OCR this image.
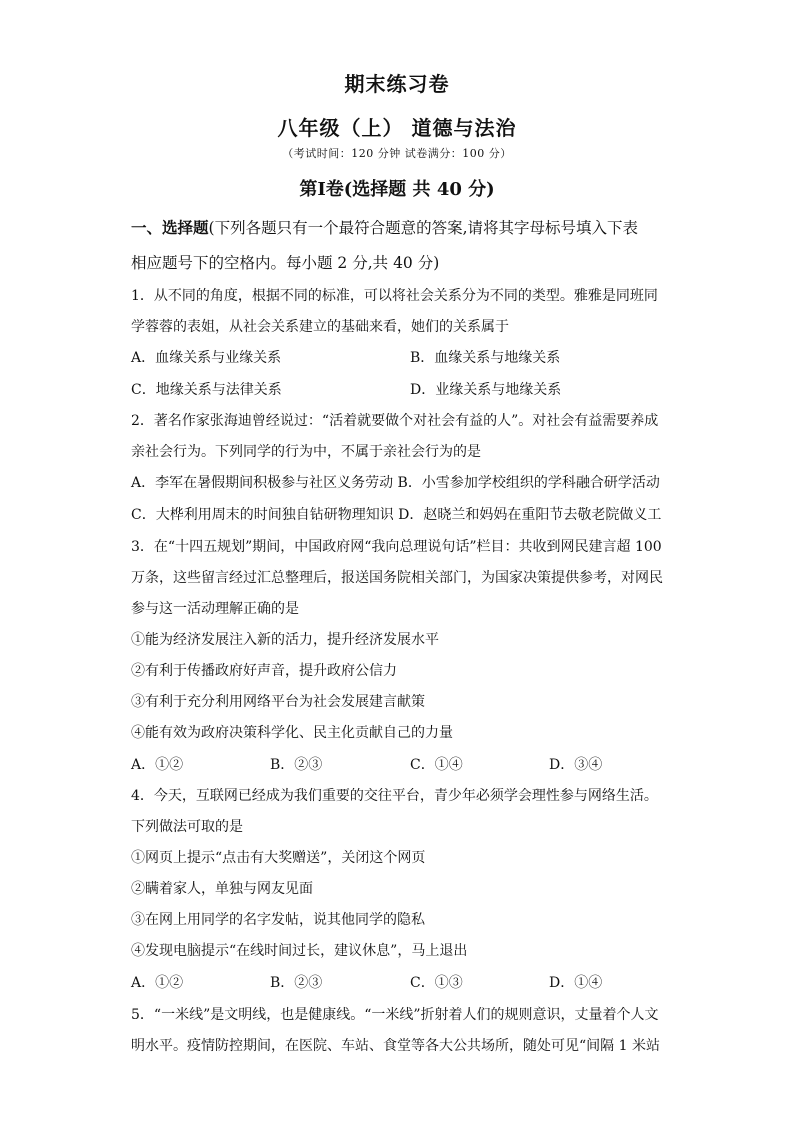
期末练习卷
八年级（上） 道德与法治
（考试时间：120 分钟 试卷满分：100 分）
第Ⅰ卷(选择题 共 40 分)
一、选择题(下列各题只有一个最符合题意的答案,请将其字母标号填入下表
相应题号下的空格内。每小题 2 分,共 40 分)
1．从不同的角度，根据不同的标准，可以将社会关系分为不同的类型。雅雅是同班同
学蓉蓉的表姐，从社会关系建立的基础来看，她们的关系属于
A．血缘关系与业缘关系	B．血缘关系与地缘关系
C．地缘关系与法律关系	D．业缘关系与地缘关系
2．著名作家张海迪曾经说过：“活着就要做个对社会有益的人”。对社会有益需要养成
亲社会行为。下列同学的行为中，不属于亲社会行为的是
A．李军在暑假期间积极参与社区义务劳动 B．小雪参加学校组织的学科融合研学活动
C．大桦利用周末的时间独自钻研物理知识 D．赵晓兰和妈妈在重阳节去敬老院做义工
3．在“十四五规划”期间，中国政府网“我向总理说句话”栏目：共收到网民建言超 100
万条，这些留言经过汇总整理后，报送国务院相关部门，为国家决策提供参考，对网民
参与这一活动理解正确的是
①能为经济发展注入新的活力，提升经济发展水平
②有利于传播政府好声音，提升政府公信力
③有利于充分利用网络平台为社会发展建言献策
④能有效为政府决策科学化、民主化贡献自己的力量
A．①②	B．②③	C．①④	D．③④
4．今天，互联网已经成为我们重要的交往平台，青少年必须学会理性参与网络生活。
下列做法可取的是
①网页上提示“点击有大奖赠送”，关闭这个网页
②瞒着家人，单独与网友见面
③在网上用同学的名字发帖，说其他同学的隐私
④发现电脑提示“在线时间过长，建议休息”，马上退出
A．①②	B．②③	C．①③	D．①④
5．“一米线”是文明线，也是健康线。“一米线”折射着人们的规则意识，丈量着个人文
明水平。疫情防控期间，在医院、车站、食堂等各大公共场所，随处可见“间隔 1 米站
